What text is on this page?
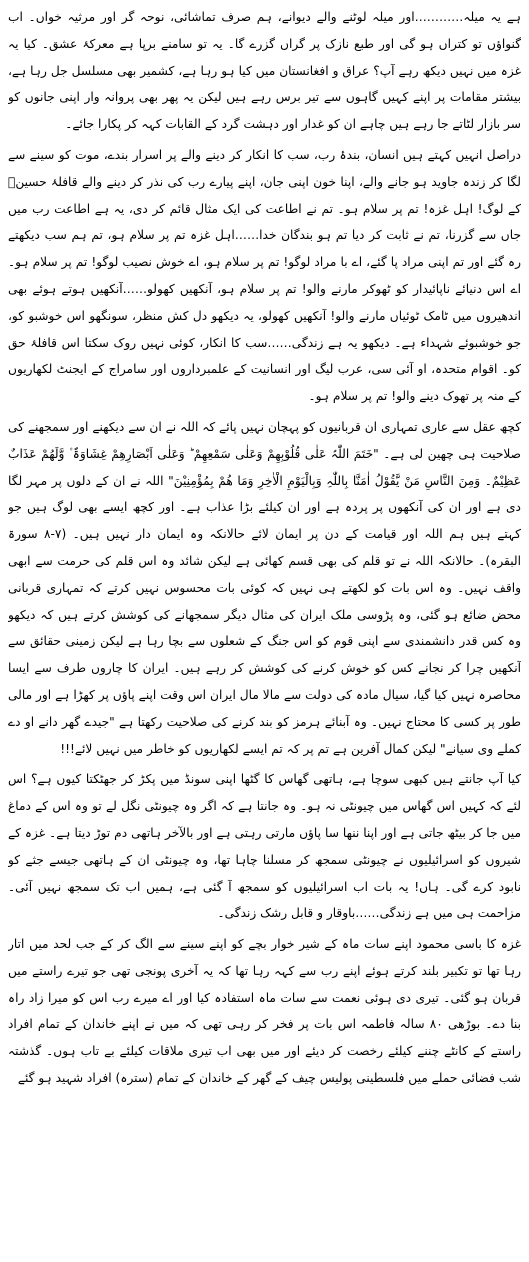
ہے یہ میلہ…………اور میلہ لوٹنے والے دیوانے، ہم صرف تماشائی، نوحہ گر اور مرثیہ خواں۔ اب گنواؤں تو کتراں ہو گی اور طبع نازک پر گراں گزرے گا۔ یہ تو سامنے برپا ہے معرکۂ عشق۔ کیا یہ غزہ میں نہیں دیکھ رہے آپ؟ عراق و افغانستان میں کیا ہو رہا ہے، کشمیر بھی مسلسل جل رہا ہے، بیشتر مقامات پر اپنے کہیں گاہوں سے تیر برس رہے ہیں لیکن یہ پھر بھی پروانہ وار اپنی جانوں کو سر بازار لٹاتے جا رہے ہیں چاہے ان کو غدار اور دہشت گرد کے القابات کہہ کر پکارا جائے۔

دراصل انہیں کہتے ہیں انسان، بندۂ رب، سب کا انکار کر دینے والے پر اسرار بندے، موت کو سینے سے لگا کر زندہ جاوید ہو جانے والے، اپنا خون اپنی جان، اپنے پیارے رب کی نذر کر دینے والے قافلۂ حسینؓ کے لوگ! اہل غزہ! تم پر سلام ہو۔ تم نے اطاعت کی ایک مثال قائم کر دی، یہ ہے اطاعت رب میں جاں سے گزرنا، تم نے ثابت کر دیا تم ہو بندگان خدا……اہل غزہ تم پر سلام ہو، تم ہم سب دیکھتے رہ گئے اور تم اپنی مراد پا گئے، اے با مراد لوگو! تم پر سلام ہو، اے خوش نصیب لوگو! تم پر سلام ہو۔ اے اس دنیائے ناپائیدار کو ٹھوکر مارنے والو! تم پر سلام ہو، آنکھیں کھولو……آنکھیں ہوتے ہوئے بھی اندھیروں میں ٹامک ٹوئیاں مارنے والو! آنکھیں کھولو، یہ دیکھو دل کش منظر، سونگھو اس خوشبو کو، جو خوشبوئے شہداء ہے۔ دیکھو یہ ہے زندگی……سب کا انکار، کوئی نہیں روک سکتا اس قافلۂ حق کو۔ اقوام متحدہ، او آئی سی، عرب لیگ اور انسانیت کے علمبرداروں اور سامراج کے ایجنٹ لکھاریوں کے منہ پر تھوک دینے والو! تم پر سلام ہو۔

کچھ عقل سے عاری تمہاری ان قربانیوں کو پہچان نہیں پائے کہ اللہ نے ان سے دیکھنے اور سمجھنے کی صلاحیت ہی چھین لی ہے۔ "خَتَمَ اللّٰہُ عَلٰی قُلُوْبِھِمْ وَعَلٰی سَمْعِھِمْ ؕ وَعَلٰی اَبْصَارِھِمْ غِشَاوَۃٌ ۫ وَّلَھُمْ عَذَابٌ عَظِیْمٌ۔ وَمِنَ النَّاسِ مَنْ یَّقُوْلُ اٰمَنَّا بِاللّٰہِ وَبِالْیَوْمِ الْاٰخِرِ وَمَا ھُمْ بِمُؤْمِنِیْنَ" اللہ نے ان کے دلوں پر مہر لگا دی ہے اور ان کی آنکھوں پر پردہ ہے اور ان کیلئے بڑا عذاب ہے۔ اور کچھ ایسے بھی لوگ ہیں جو کہتے ہیں ہم اللہ اور قیامت کے دن پر ایمان لائے حالانکہ وہ ایمان دار نہیں ہیں۔ (۷-۸ سورۃ البقرہ)۔ حالانکہ اللہ نے تو قلم کی بھی قسم کھائی ہے لیکن شائد وہ اس قلم کی حرمت سے ابھی واقف نہیں۔ وہ اس بات کو لکھتے ہی نہیں کہ کوئی بات محسوس نہیں کرتے کہ تمہاری قربانی محض ضائع ہو گئی، وہ پڑوسی ملک ایران کی مثال دیگر سمجھانے کی کوشش کرتے ہیں کہ دیکھو وہ کس قدر دانشمندی سے اپنی قوم کو اس جنگ کے شعلوں سے بچا رہا ہے لیکن زمینی حقائق سے آنکھیں چرا کر نجانے کس کو خوش کرنے کی کوشش کر رہے ہیں۔ ایران کا چاروں طرف سے ایسا محاصرہ نہیں کیا گیا، سیال مادہ کی دولت سے مالا مال ایران اس وقت اپنے پاؤں پر کھڑا ہے اور مالی طور پر کسی کا محتاج نہیں۔ وہ آبنائے ہرمز کو بند کرنے کی صلاحیت رکھتا ہے "جیدے گھر دانے او دے کملے وی سیانے" لیکن کمال آفرین ہے تم پر کہ تم ایسے لکھاریوں کو خاطر میں نہیں لائے!!!

کیا آپ جانتے ہیں کبھی سوچا ہے، ہاتھی گھاس کا گٹھا اپنی سونڈ میں پکڑ کر جھٹکتا کیوں ہے؟ اس لئے کہ کہیں اس گھاس میں چیونٹی نہ ہو۔ وہ جانتا ہے کہ اگر وہ چیونٹی نگل لے تو وہ اس کے دماغ میں جا کر بیٹھ جاتی ہے اور اپنا ننھا سا پاؤں مارتی رہتی ہے اور بالآخر ہاتھی دم توڑ دیتا ہے۔ غزہ کے شیروں کو اسرائیلیوں نے چیونٹی سمجھ کر مسلنا چاہا تھا، وہ چیونٹی ان کے ہاتھی جیسے جثے کو نابود کرے گی۔ ہاں! یہ بات اب اسرائیلیوں کو سمجھ آ گئی ہے، ہمیں اب تک سمجھ نہیں آئی۔ مزاحمت ہی میں ہے زندگی……باوقار و قابل رشک زندگی۔

غزہ کا باسی محمود اپنے سات ماہ کے شیر خوار بچے کو اپنے سینے سے الگ کر کے جب لحد میں اتار رہا تھا تو تکبیر بلند کرتے ہوئے اپنے رب سے کہہ رہا تھا کہ یہ آخری پونجی تھی جو تیرے راستے میں قربان ہو گئی۔ تیری دی ہوئی نعمت سے سات ماہ استفادہ کیا اور اے میرے رب اس کو میرا زاد راہ بنا دے۔ بوڑھی ۸۰ سالہ فاطمہ اس بات پر فخر کر رہی تھی کہ میں نے اپنے خاندان کے تمام افراد راستے کے کانٹے چننے کیلئے رخصت کر دیئے اور میں بھی اب تیری ملاقات کیلئے بے تاب ہوں۔ گذشتہ شب فضائی حملے میں فلسطینی پولیس چیف کے گھر کے خاندان کے تمام (سترہ) افراد شہید ہو گئے
